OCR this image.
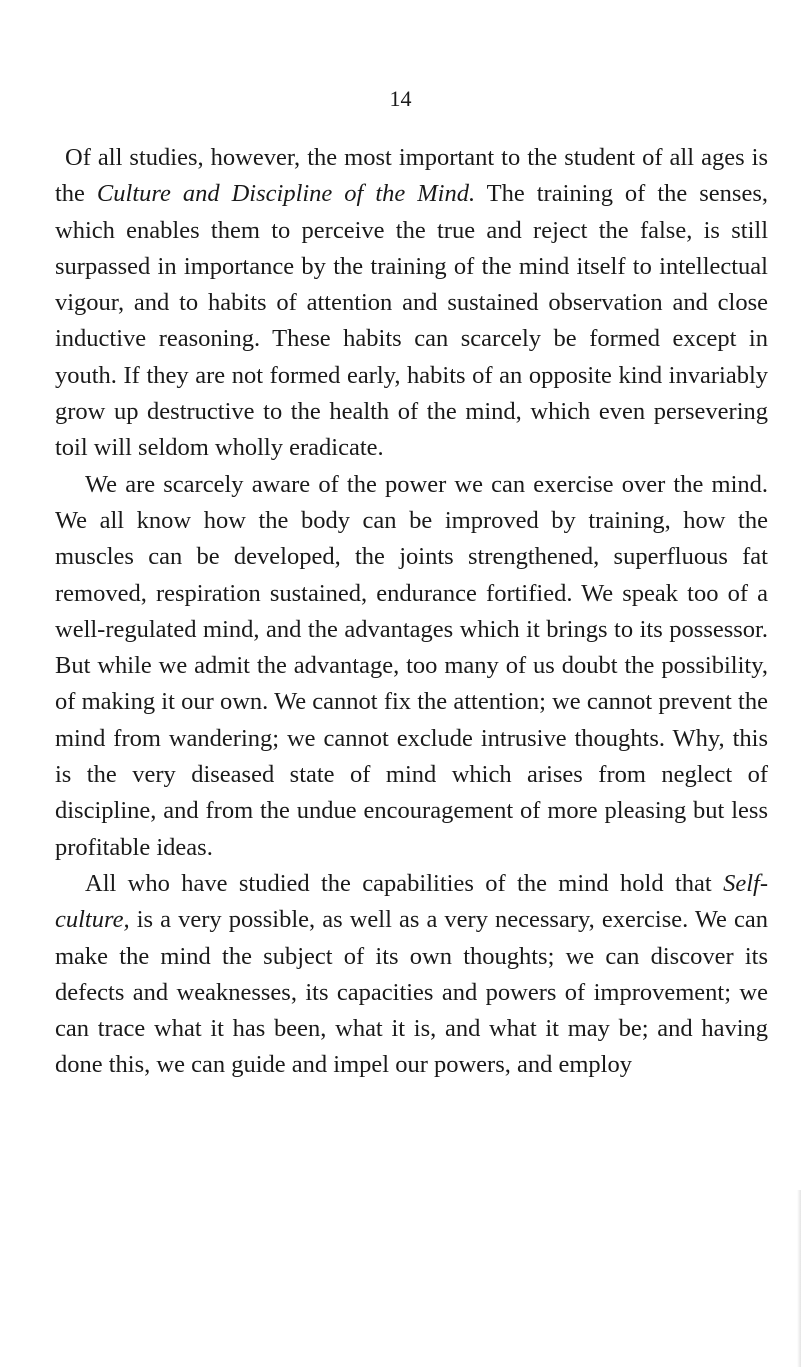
14

Of all studies, however, the most important to the student of all ages is the Culture and Discipline of the Mind. The training of the senses, which enables them to perceive the true and reject the false, is still surpassed in importance by the training of the mind itself to intellectual vigour, and to habits of attention and sustained observation and close inductive reasoning. These habits can scarcely be formed except in youth. If they are not formed early, habits of an opposite kind invariably grow up destructive to the health of the mind, which even persevering toil will seldom wholly eradicate.

We are scarcely aware of the power we can exercise over the mind. We all know how the body can be improved by training, how the muscles can be developed, the joints strengthened, superfluous fat removed, respiration sustained, endurance fortified. We speak too of a well-regulated mind, and the advantages which it brings to its possessor. But while we admit the advantage, too many of us doubt the possibility, of making it our own. We cannot fix the attention; we cannot prevent the mind from wandering; we cannot exclude intrusive thoughts. Why, this is the very diseased state of mind which arises from neglect of discipline, and from the undue encouragement of more pleasing but less profitable ideas.

All who have studied the capabilities of the mind hold that Self-culture, is a very possible, as well as a very necessary, exercise. We can make the mind the subject of its own thoughts; we can discover its defects and weaknesses, its capacities and powers of improvement; we can trace what it has been, what it is, and what it may be; and having done this, we can guide and impel our powers, and employ
